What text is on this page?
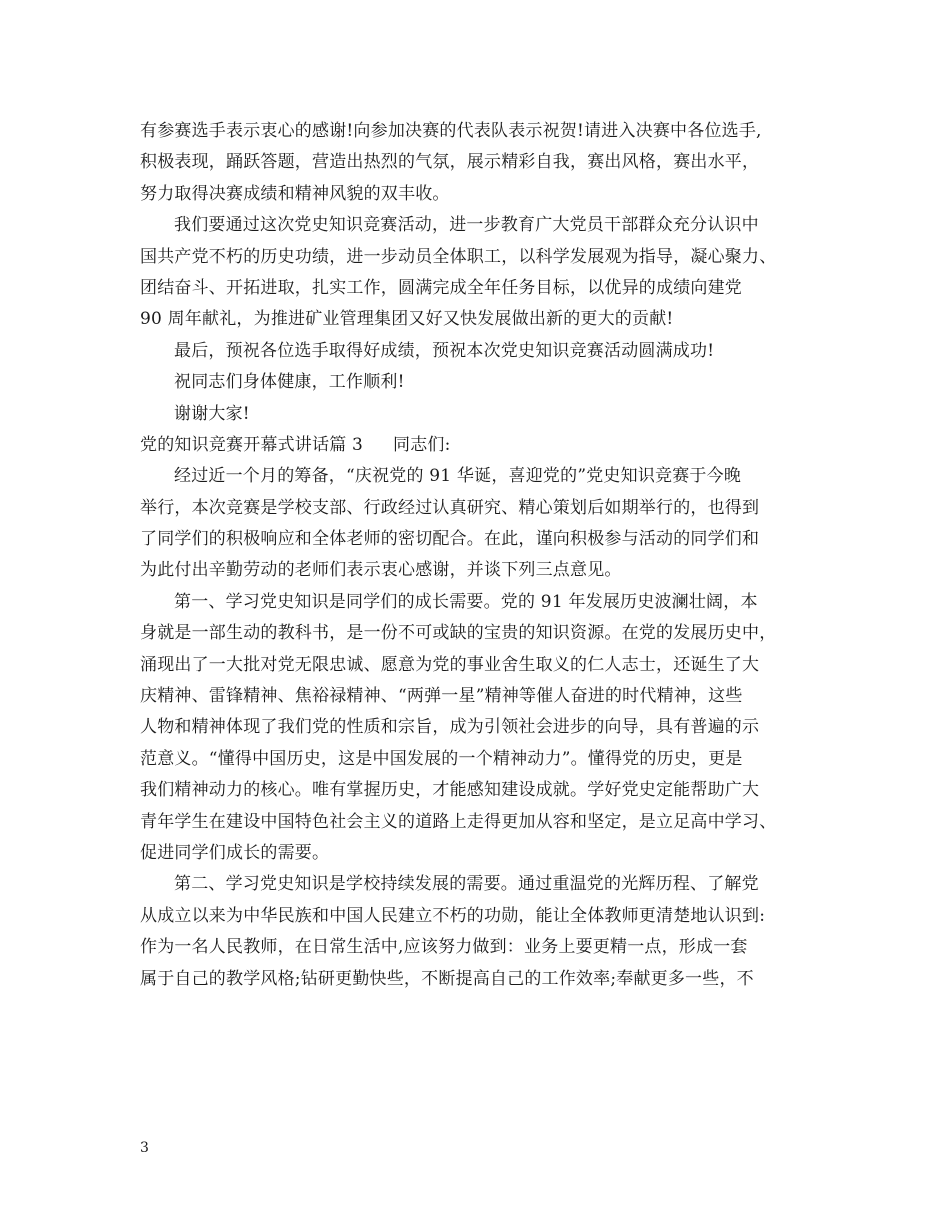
有参赛选手表示衷心的感谢!向参加决赛的代表队表示祝贺!请进入决赛中各位选手,
积极表现，踊跃答题，营造出热烈的气氛，展示精彩自我，赛出风格，赛出水平，
努力取得决赛成绩和精神风貌的双丰收。
我们要通过这次党史知识竞赛活动，进一步教育广大党员干部群众充分认识中
国共产党不朽的历史功绩，进一步动员全体职工，以科学发展观为指导，凝心聚力、
团结奋斗、开拓进取，扎实工作，圆满完成全年任务目标，以优异的成绩向建党
90 周年献礼，为推进矿业管理集团又好又快发展做出新的更大的贡献!
最后，预祝各位选手取得好成绩，预祝本次党史知识竞赛活动圆满成功!
祝同志们身体健康，工作顺利!
谢谢大家!
党的知识竞赛开幕式讲话篇 3 同志们:
经过近一个月的筹备，“庆祝党的 91 华诞，喜迎党的”党史知识竞赛于今晚
举行，本次竞赛是学校支部、行政经过认真研究、精心策划后如期举行的，也得到
了同学们的积极响应和全体老师的密切配合。在此，谨向积极参与活动的同学们和
为此付出辛勤劳动的老师们表示衷心感谢，并谈下列三点意见。
第一、学习党史知识是同学们的成长需要。党的 91 年发展历史波澜壮阔，本
身就是一部生动的教科书，是一份不可或缺的宝贵的知识资源。在党的发展历史中，
涌现出了一大批对党无限忠诚、愿意为党的事业舍生取义的仁人志士，还诞生了大
庆精神、雷锋精神、焦裕禄精神、“两弹一星”精神等催人奋进的时代精神，这些
人物和精神体现了我们党的性质和宗旨，成为引领社会进步的向导，具有普遍的示
范意义。“懂得中国历史，这是中国发展的一个精神动力”。懂得党的历史，更是
我们精神动力的核心。唯有掌握历史，才能感知建设成就。学好党史定能帮助广大
青年学生在建设中国特色社会主义的道路上走得更加从容和坚定，是立足高中学习、
促进同学们成长的需要。
第二、学习党史知识是学校持续发展的需要。通过重温党的光辉历程、了解党
从成立以来为中华民族和中国人民建立不朽的功勋，能让全体教师更清楚地认识到:
作为一名人民教师，在日常生活中,应该努力做到：业务上要更精一点，形成一套
属于自己的教学风格;钻研更勤快些，不断提高自己的工作效率;奉献更多一些，不
3
